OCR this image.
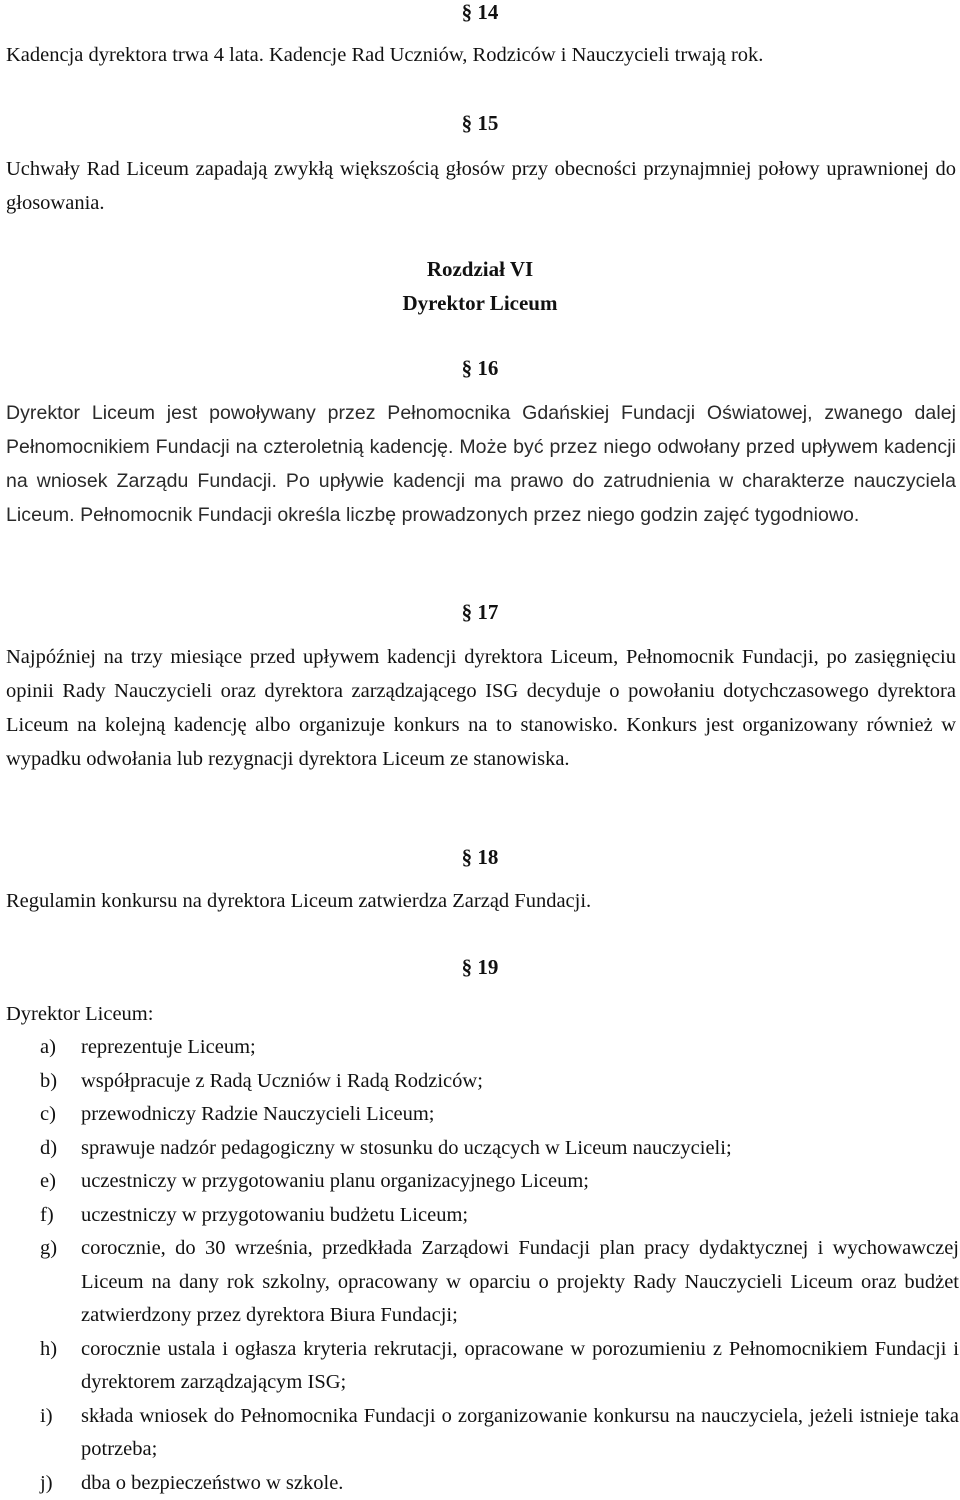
§ 14
Kadencja dyrektora trwa 4 lata. Kadencje Rad Uczniów, Rodziców i Nauczycieli trwają rok.
§ 15
Uchwały Rad Liceum zapadają zwykłą większością głosów przy obecności przynajmniej połowy uprawnionej do głosowania.
Rozdział VI
Dyrektor Liceum
§ 16
Dyrektor Liceum jest powoływany przez Pełnomocnika Gdańskiej Fundacji Oświatowej, zwanego dalej Pełnomocnikiem Fundacji na czteroletnią kadencję. Może być przez niego odwołany przed upływem kadencji na wniosek Zarządu Fundacji. Po upływie kadencji ma prawo do zatrudnienia w charakterze nauczyciela Liceum. Pełnomocnik Fundacji określa liczbę prowadzonych przez niego godzin zajęć tygodniowo.
§ 17
Najpóźniej na trzy miesiące przed upływem kadencji dyrektora Liceum, Pełnomocnik Fundacji, po zasięgnięciu opinii Rady Nauczycieli oraz dyrektora zarządzającego ISG decyduje o powołaniu dotychczasowego dyrektora Liceum na kolejną kadencję albo organizuje konkurs na to stanowisko. Konkurs jest organizowany również w wypadku odwołania lub rezygnacji dyrektora Liceum ze stanowiska.
§ 18
Regulamin konkursu na dyrektora Liceum zatwierdza Zarząd Fundacji.
§ 19
Dyrektor Liceum:
a) reprezentuje Liceum;
b) współpracuje z Radą Uczniów i Radą Rodziców;
c) przewodniczy Radzie Nauczycieli Liceum;
d) sprawuje nadzór pedagogiczny w stosunku do uczących w Liceum nauczycieli;
e) uczestniczy w przygotowaniu planu organizacyjnego Liceum;
f) uczestniczy w przygotowaniu budżetu Liceum;
g) corocznie, do 30 września, przedkłada Zarządowi Fundacji plan pracy dydaktycznej i wychowawczej Liceum na dany rok szkolny, opracowany w oparciu o projekty Rady Nauczycieli Liceum oraz budżet zatwierdzony przez dyrektora Biura Fundacji;
h) corocznie ustala i ogłasza kryteria rekrutacji, opracowane w porozumieniu z Pełnomocnikiem Fundacji i dyrektorem zarządzającym ISG;
i) składa wniosek do Pełnomocnika Fundacji o zorganizowanie konkursu na nauczyciela, jeżeli istnieje taka potrzeba;
j) dba o bezpieczeństwo w szkole.
